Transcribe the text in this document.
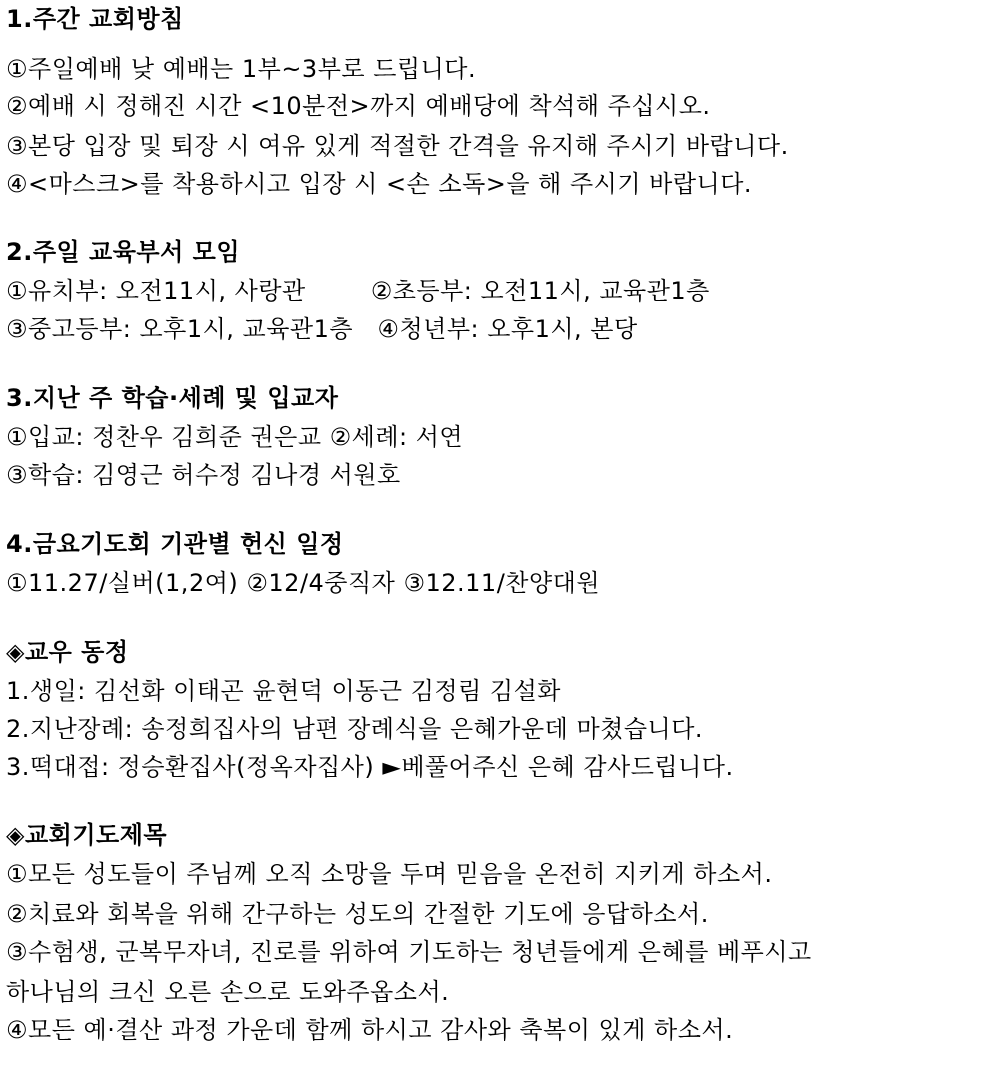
1.주간 교회방침
①주일예배 낮 예배는 1부~3부로 드립니다.
②예배 시 정해진 시간 <10분전>까지 예배당에 착석해 주십시오.
③본당 입장 및 퇴장 시 여유 있게 적절한 간격을 유지해 주시기 바랍니다.
④<마스크>를 착용하시고 입장 시 <손 소독>을 해 주시기 바랍니다.
2.주일 교육부서 모임
①유치부: 오전11시, 사랑관        ②초등부: 오전11시, 교육관1층
③중고등부: 오후1시, 교육관1층   ④청년부: 오후1시, 본당
3.지난 주 학습·세례 및 입교자
①입교: 정찬우 김희준 권은교 ②세례: 서연
③학습: 김영근 허수정 김나경 서원호
4.금요기도회 기관별 헌신 일정
①11.27/실버(1,2여) ②12/4중직자 ③12.11/찬양대원
◈교우 동정
1.생일: 김선화 이태곤 윤현덕 이동근 김정림 김설화
2.지난장례: 송정희집사의 남편 장례식을 은혜가운데 마쳤습니다.
3.떡대접: 정승환집사(정옥자집사) ►베풀어주신 은혜 감사드립니다.
◈교회기도제목
①모든 성도들이 주님께 오직 소망을 두며 믿음을 온전히 지키게 하소서.
②치료와 회복을 위해 간구하는 성도의 간절한 기도에 응답하소서.
③수험생, 군복무자녀, 진로를 위하여 기도하는 청년들에게 은혜를 베푸시고
하나님의 크신 오른 손으로 도와주옵소서.
④모든 예·결산 과정 가운데 함께 하시고 감사와 축복이 있게 하소서.
